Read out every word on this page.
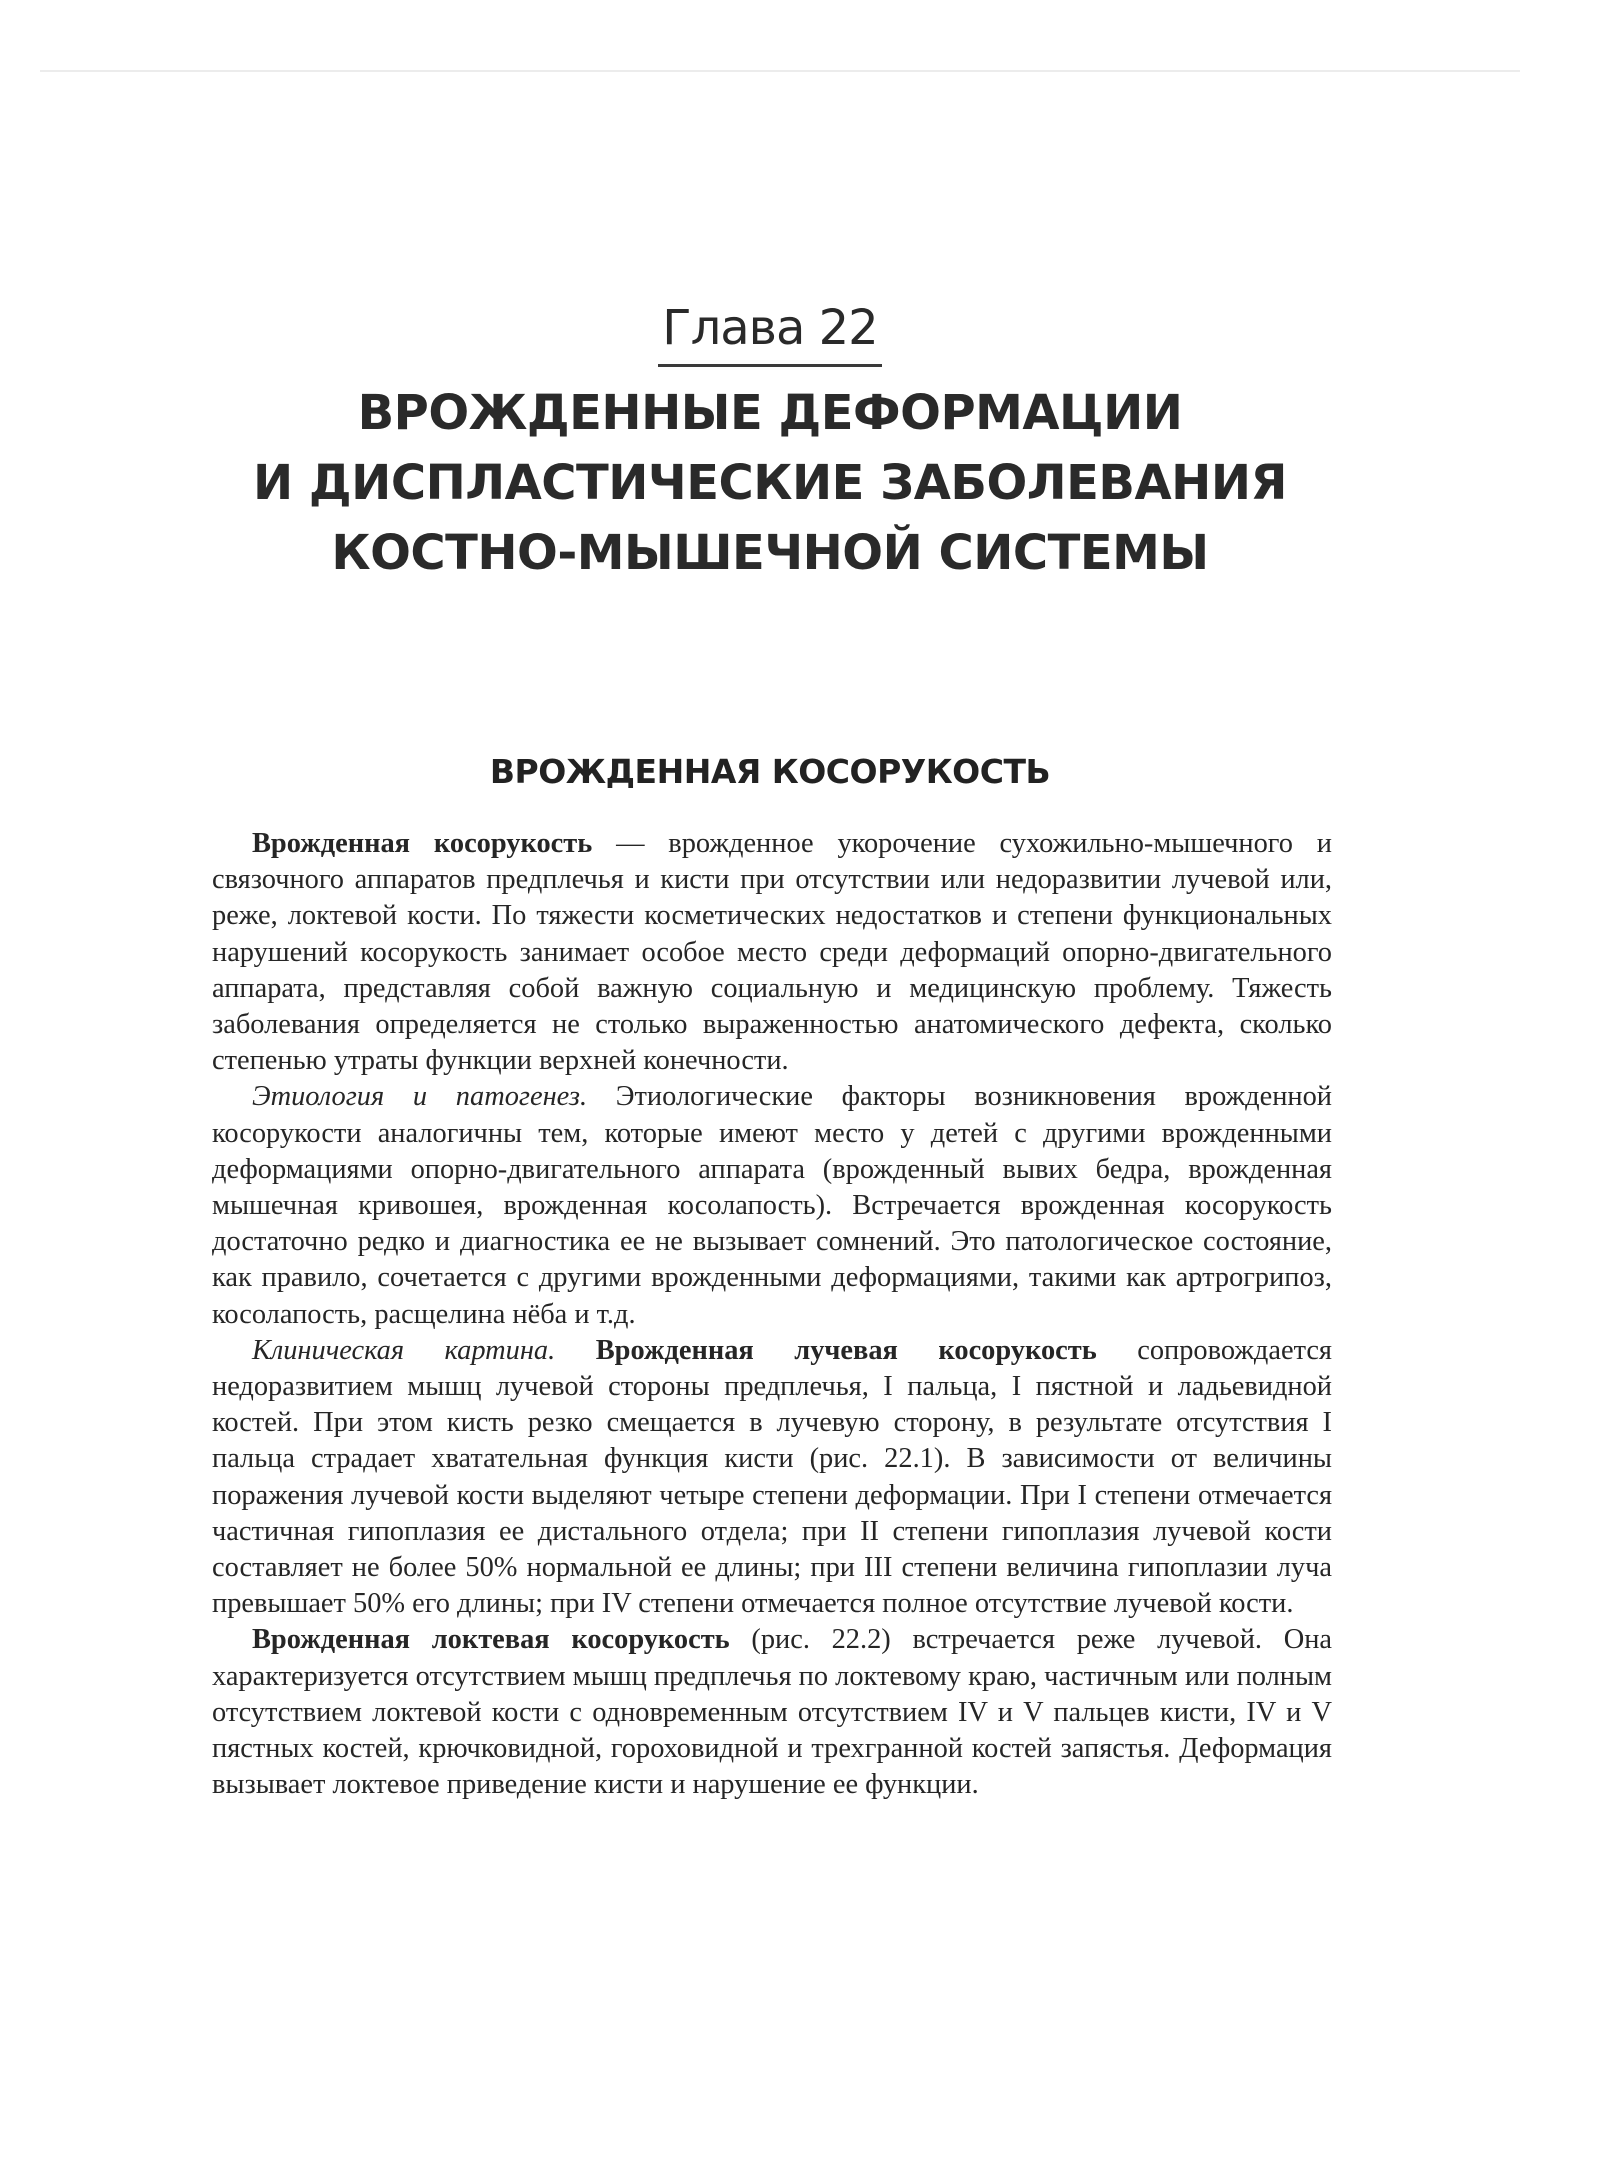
Глава 22
ВРОЖДЕННЫЕ ДЕФОРМАЦИИ
И ДИСПЛАСТИЧЕСКИЕ ЗАБОЛЕВАНИЯ
КОСТНО-МЫШЕЧНОЙ СИСТЕМЫ
ВРОЖДЕННАЯ КОСОРУКОСТЬ

Врожденная косорукость — врожденное укорочение сухожильно-мышечного и связочного аппаратов предплечья и кисти при отсутствии или недоразвитии лучевой или, реже, локтевой кости. По тяжести косметических недостатков и степени функциональных нарушений косорукость занимает особое место среди деформаций опорно-двигательного аппарата, представляя собой важную социальную и медицинскую проблему. Тяжесть заболевания определяется не столько выраженностью анатомического дефекта, сколько степенью утраты функции верхней конечности.

Этиология и патогенез. Этиологические факторы возникновения врожденной косорукости аналогичны тем, которые имеют место у детей с другими врожденными деформациями опорно-двигательного аппарата (врожденный вывих бедра, врожденная мышечная кривошея, врожденная косолапость). Встречается врожденная косорукость достаточно редко и диагностика ее не вызывает сомнений. Это патологическое состояние, как правило, сочетается с другими врожденными деформациями, такими как артрогрипоз, косолапость, расщелина нёба и т.д.

Клиническая картина. Врожденная лучевая косорукость сопровождается недоразвитием мышц лучевой стороны предплечья, I пальца, I пястной и ладьевидной костей. При этом кисть резко смещается в лучевую сторону, в результате отсутствия I пальца страдает хватательная функция кисти (рис. 22.1). В зависимости от величины поражения лучевой кости выделяют четыре степени деформации. При I степени отмечается частичная гипоплазия ее дистального отдела; при II степени гипоплазия лучевой кости составляет не более 50% нормальной ее длины; при III степени величина гипоплазии луча превышает 50% его длины; при IV степени отмечается полное отсутствие лучевой кости.

Врожденная локтевая косорукость (рис. 22.2) встречается реже лучевой. Она характеризуется отсутствием мышц предплечья по локтевому краю, частичным или полным отсутствием локтевой кости с одновременным отсутствием IV и V пальцев кисти, IV и V пястных костей, крючковидной, гороховидной и трехгранной костей запястья. Деформация вызывает локтевое приведение кисти и нарушение ее функции.
